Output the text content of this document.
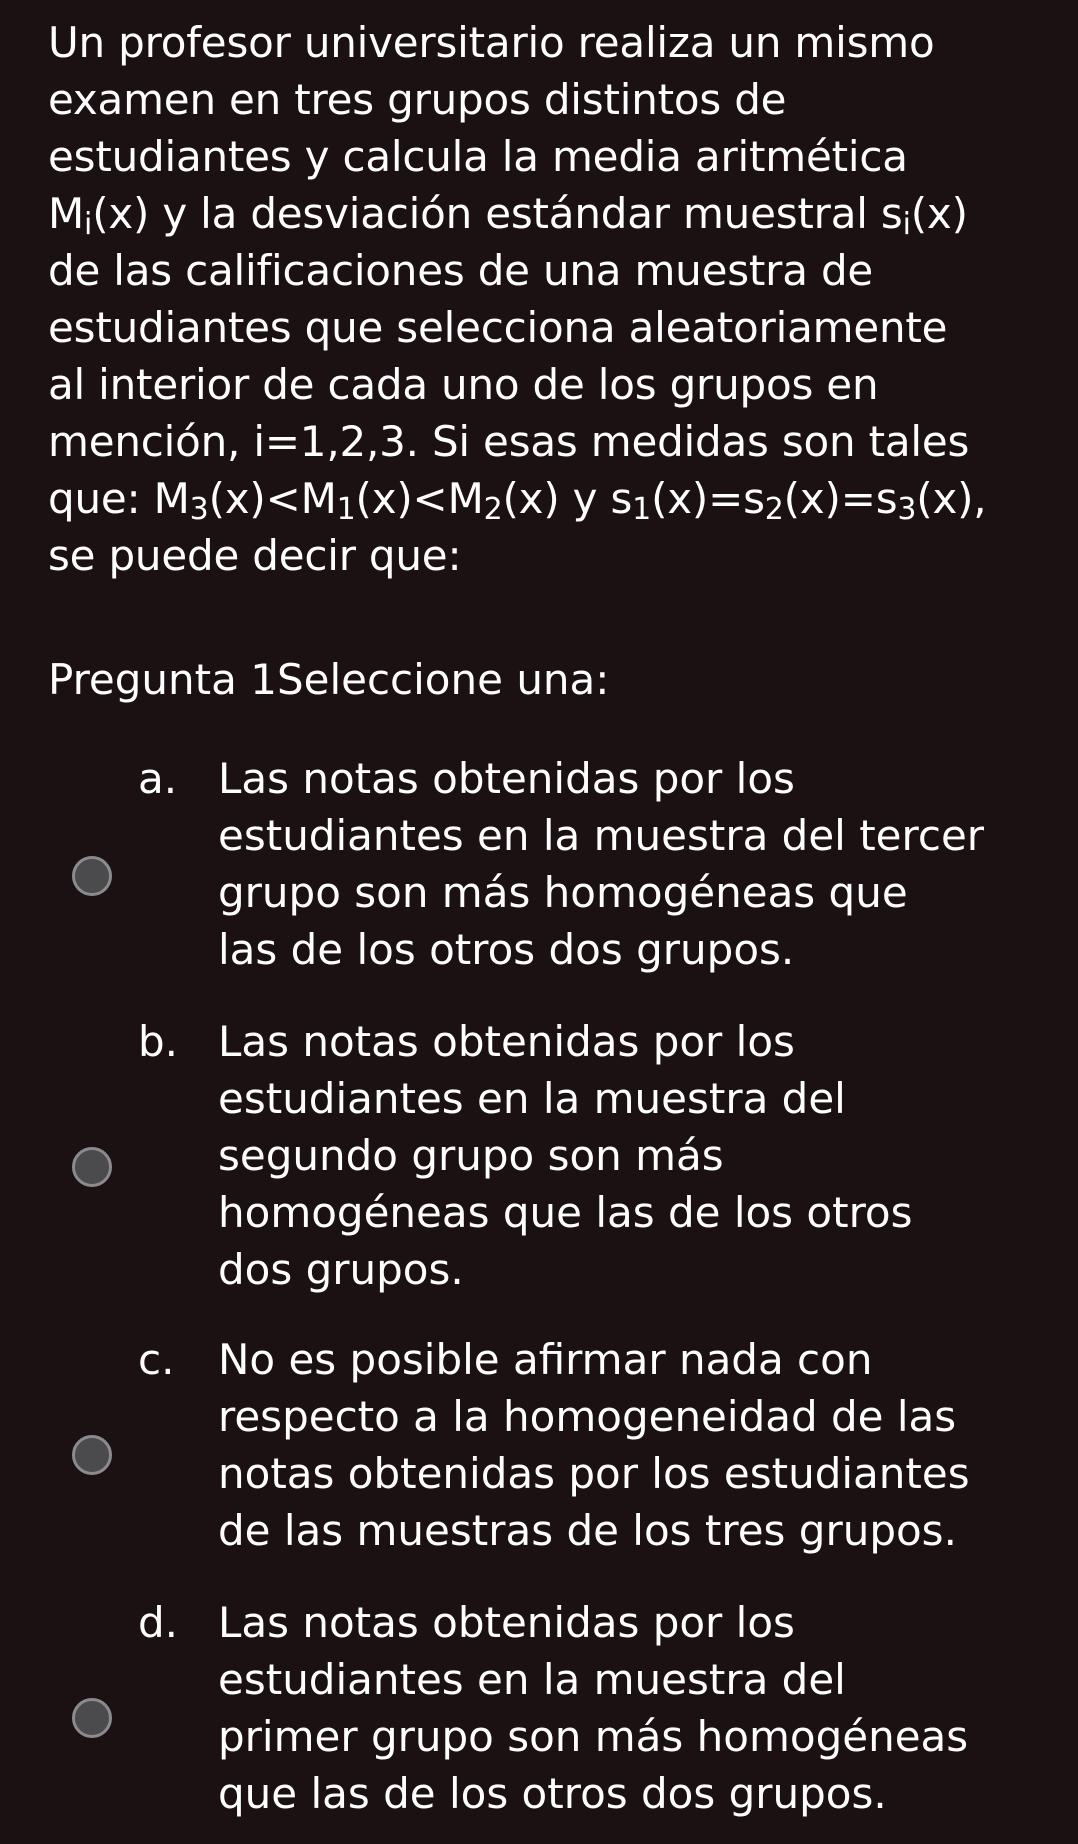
Un profesor universitario realiza un mismo
examen en tres grupos distintos de
estudiantes y calcula la media aritmética
$M_i(x)$ y la desviación estándar muestral $s_i(x)$
de las calificaciones de una muestra de
estudiantes que selecciona aleatoriamente
al interior de cada uno de los grupos en
mención, i=1,2,3. Si esas medidas son tales
que: $M_3(x)<M_1(x)<M_2(x)$ y $s_1(x)=s_2(x)=s_3(x)$,
se puede decir que:
Pregunta 1Seleccione una:
a. Las notas obtenidas por los
estudiantes en la muestra del tercer
grupo son más homogéneas que
las de los otros dos grupos.
b. Las notas obtenidas por los
estudiantes en la muestra del
segundo grupo son más
homogéneas que las de los otros
dos grupos.
c. No es posible afirmar nada con
respecto a la homogeneidad de las
notas obtenidas por los estudiantes
de las muestras de los tres grupos.
d. Las notas obtenidas por los
estudiantes en la muestra del
primer grupo son más homogéneas
que las de los otros dos grupos.
